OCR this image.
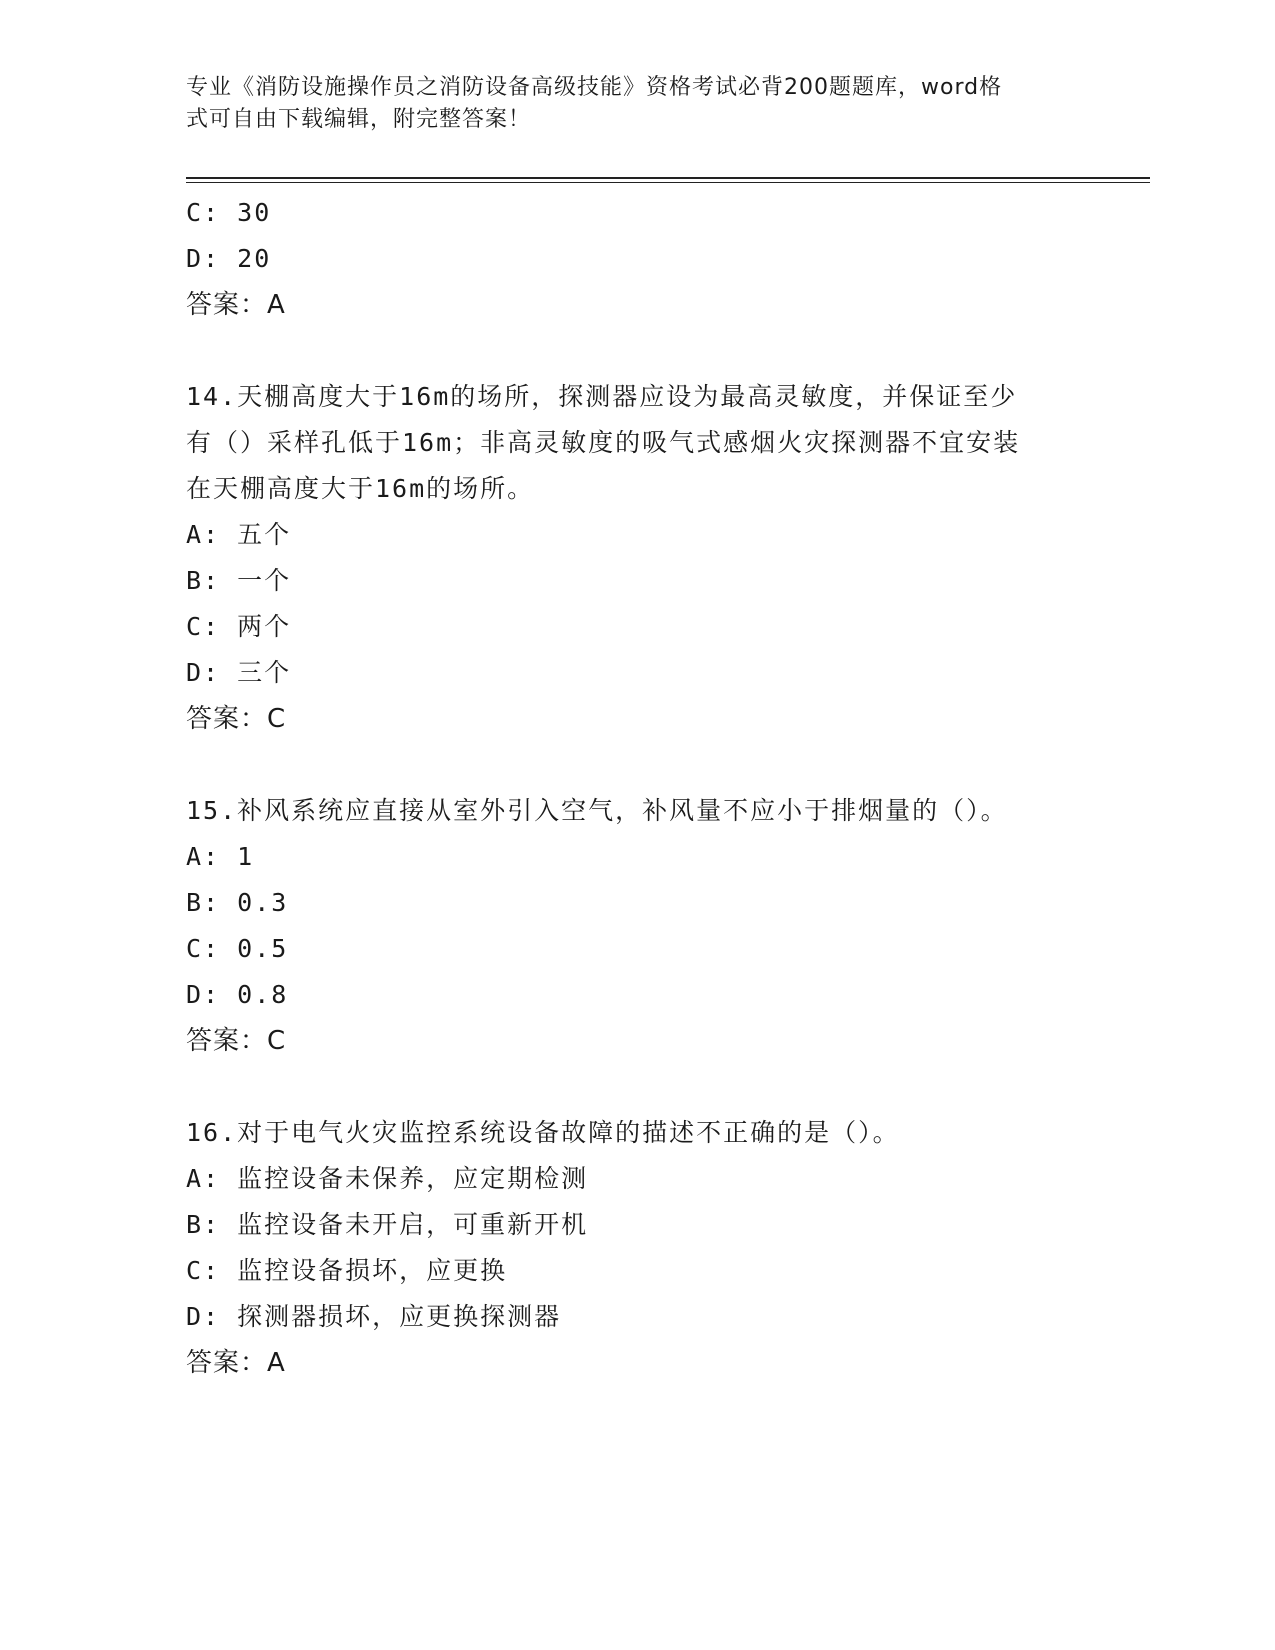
专业《消防设施操作员之消防设备高级技能》资格考试必背200题题库，word格
式可自由下载编辑，附完整答案！
C: 30
D: 20
答案：A
14.天棚高度大于16m的场所，探测器应设为最高灵敏度，并保证至少
有（）采样孔低于16m；非高灵敏度的吸气式感烟火灾探测器不宜安装
在天棚高度大于16m的场所。
A: 五个
B: 一个
C: 两个
D: 三个
答案：C
15.补风系统应直接从室外引入空气，补风量不应小于排烟量的（）。
A: 1
B: 0.3
C: 0.5
D: 0.8
答案：C
16.对于电气火灾监控系统设备故障的描述不正确的是（）。
A: 监控设备未保养，应定期检测
B: 监控设备未开启，可重新开机
C: 监控设备损坏，应更换
D: 探测器损坏，应更换探测器
答案：A
